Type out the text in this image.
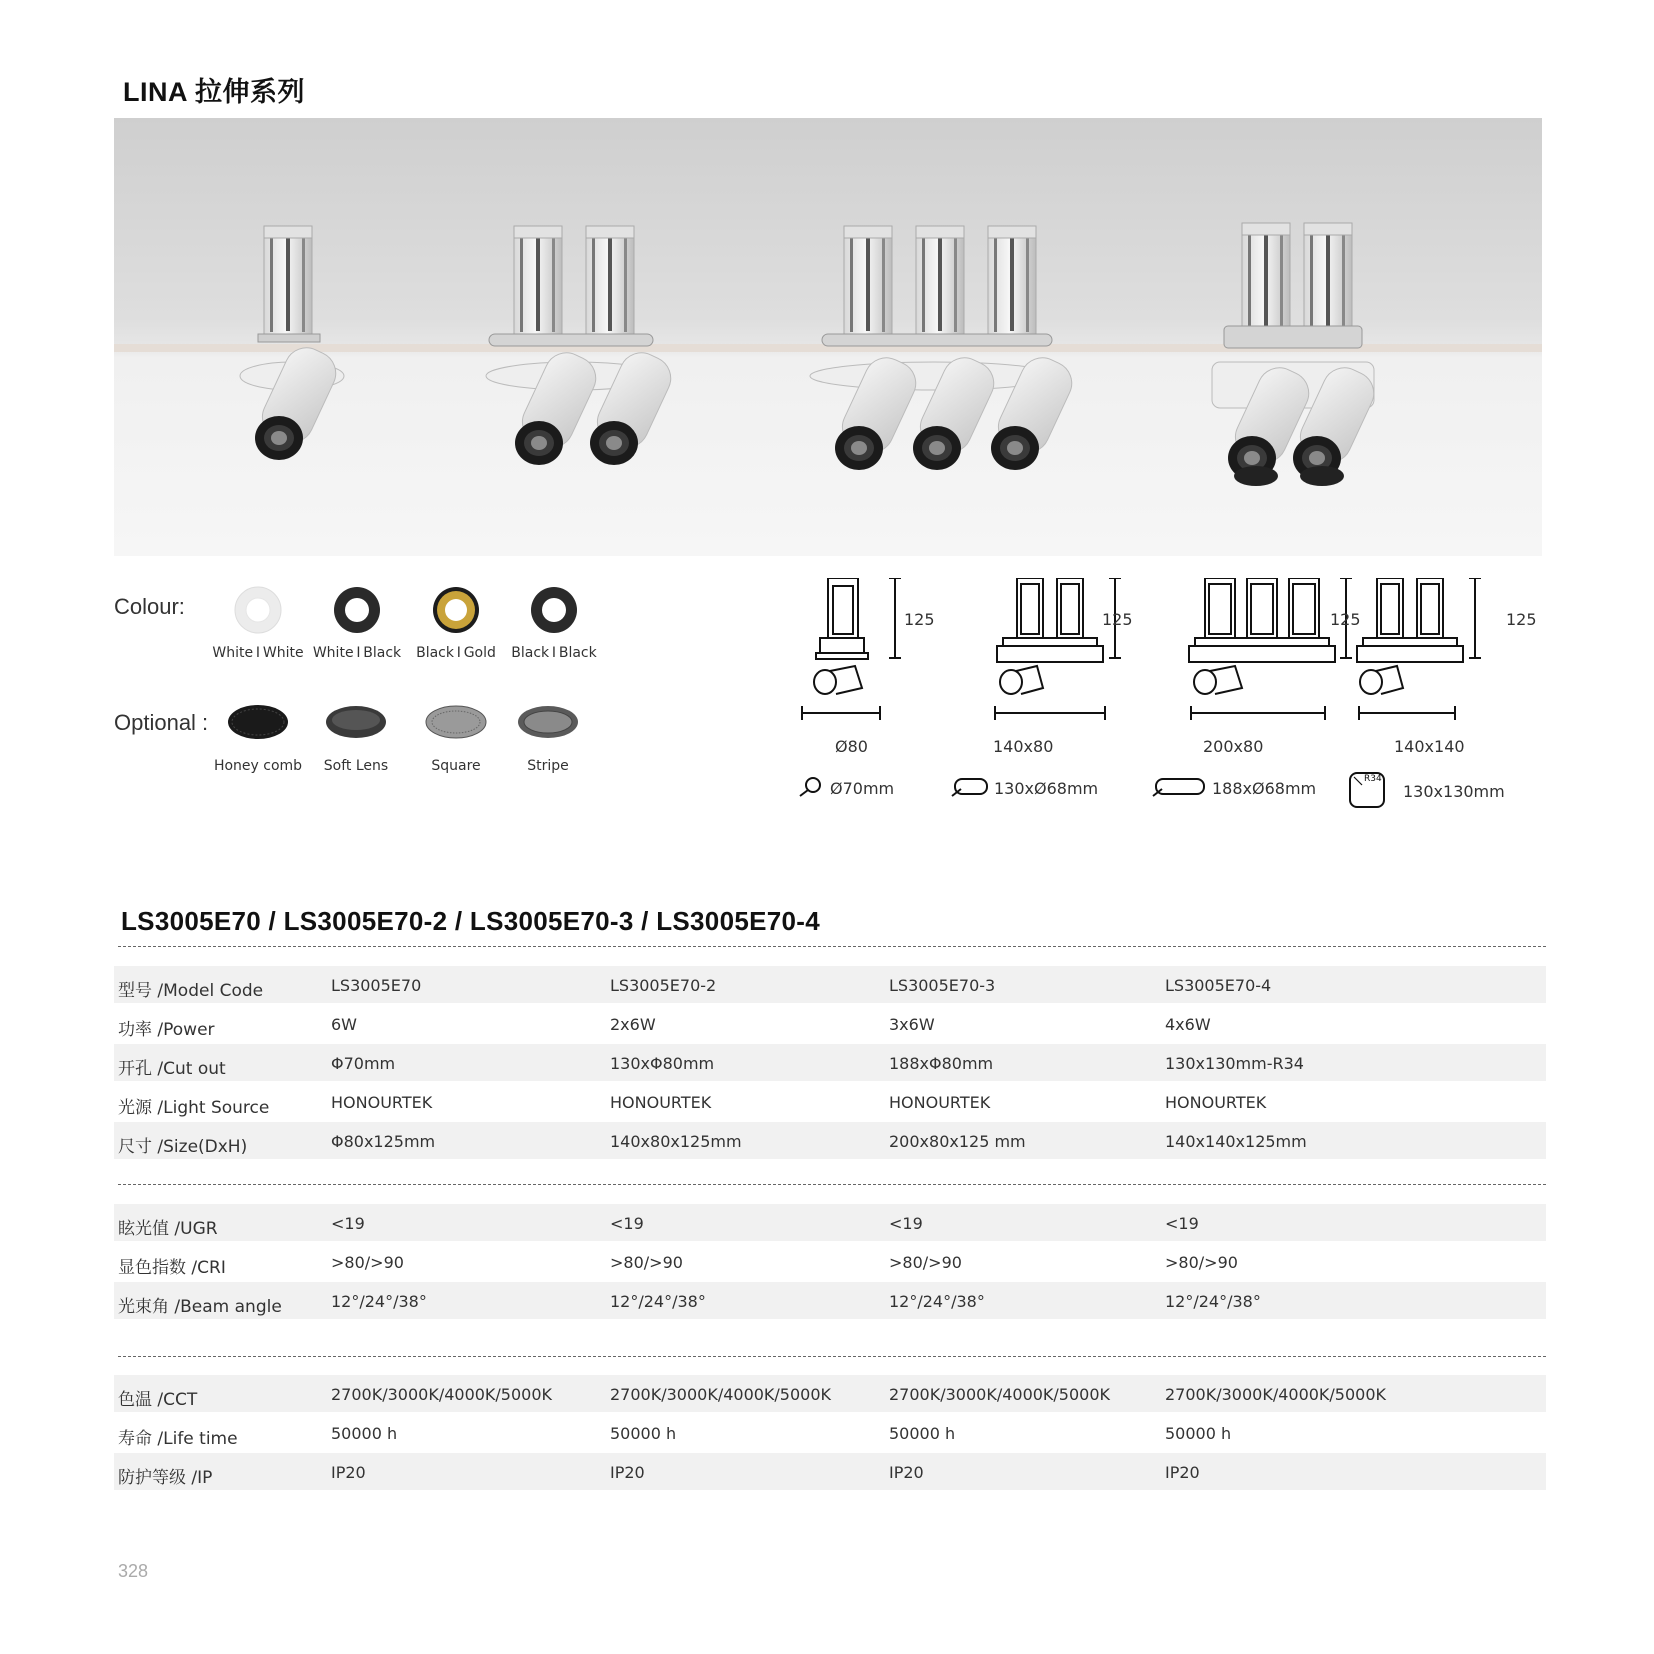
LINA 拉伸系列
Colour:
White I White White I Black	Black I Gold	Black I Black
Optional :
Honey comb	Soft Lens	Square	Stripe
125	125	125	125
Ø80	140x80	200x80	140x140
Ø70mm	130xØ68mm	188xØ68mm	R34
130x130mm
LS3005E70 / LS3005E70-2 / LS3005E70-3 / LS3005E70-4
型号 /Model Code	LS3005E70	LS3005E70-2	LS3005E70-3	LS3005E70-4
功率 /Power	6W	2x6W	3x6W	4x6W
开孔 /Cut out	Φ70mm	130xΦ80mm	188xΦ80mm	130x130mm-R34
光源 /Light Source	HONOURTEK	HONOURTEK	HONOURTEK	HONOURTEK
尺寸 /Size(DxH)	Φ80x125mm	140x80x125mm	200x80x125 mm	140x140x125mm
眩光值 /UGR	<19	<19	<19	<19
显色指数 /CRI	>80/>90	>80/>90	>80/>90	>80/>90
光束角 /Beam angle	12°/24°/38°	12°/24°/38°	12°/24°/38°	12°/24°/38°
色温 /CCT	2700K/3000K/4000K/5000K	2700K/3000K/4000K/5000K	2700K/3000K/4000K/5000K	2700K/3000K/4000K/5000K
寿命 /Life time	50000 h	50000 h	50000 h	50000 h
防护等级 /IP	IP20	IP20	IP20	IP20
328
